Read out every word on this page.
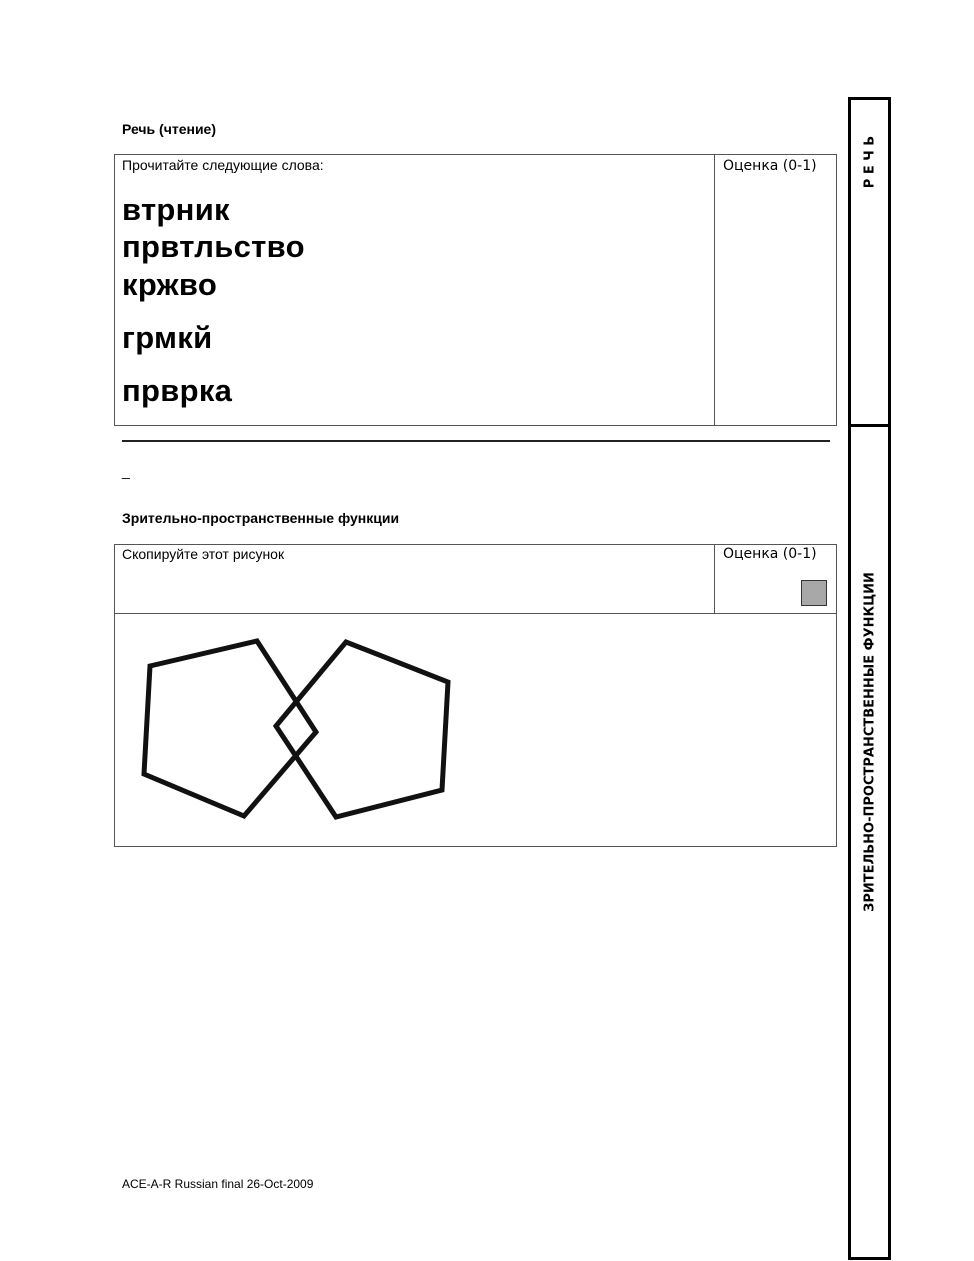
Речь (чтение)
Прочитайте следующие слова:	Оценка (0-1)
втрник
првтльство
кржво
грмкй
прврка
_
Зрительно-пространственные функции
Скопируйте этот рисунок	Оценка (0-1)
Р Е Ч Ь
ЗРИТЕЛЬНО-ПРОСТРАНСТВЕННЫЕ ФУНКЦИИ
ACE-A-R Russian final 26-Oct-2009
